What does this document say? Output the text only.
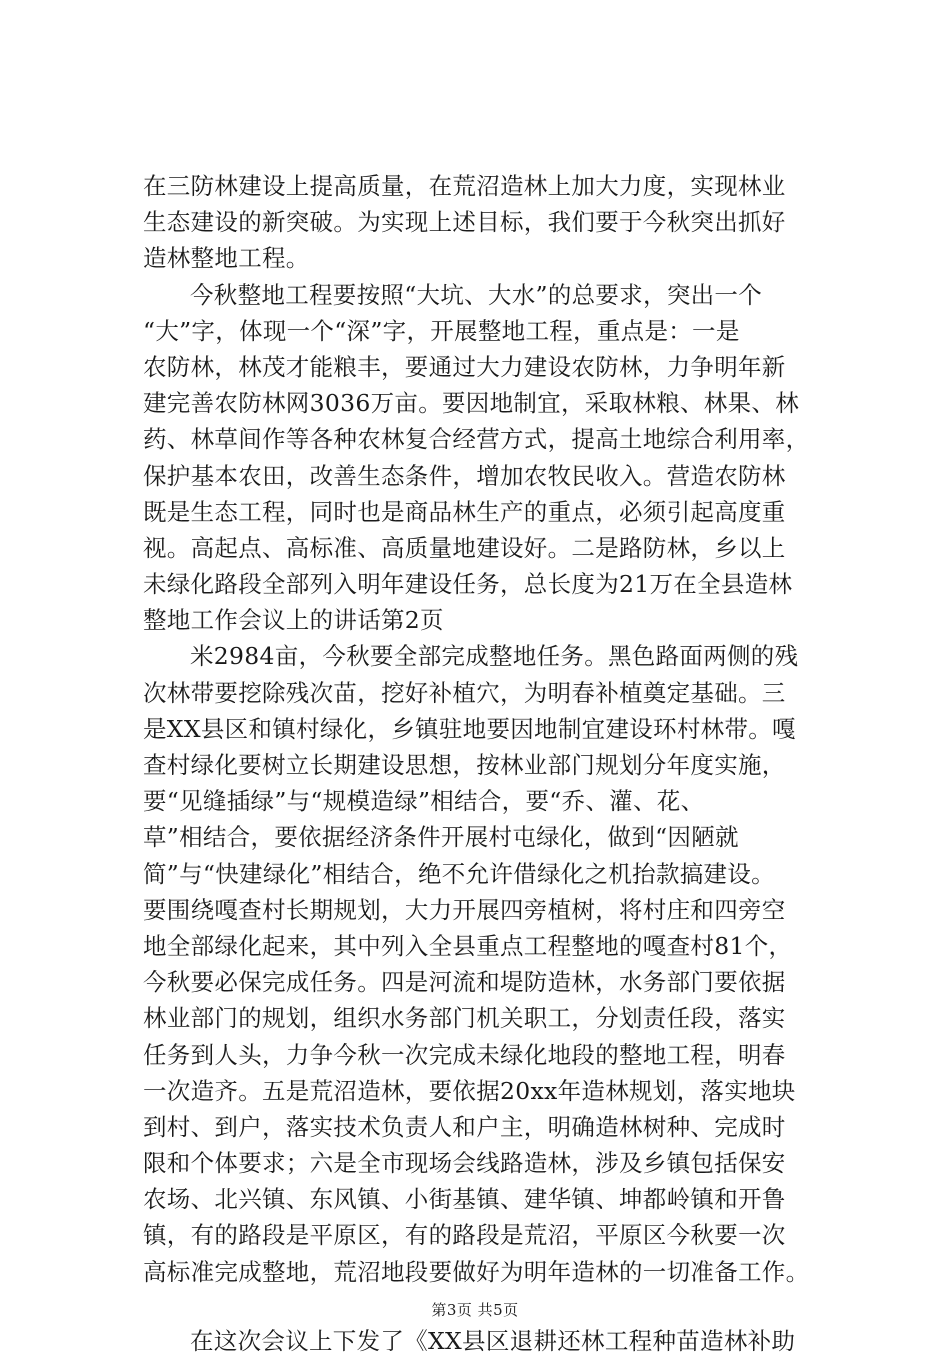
在三防林建设上提高质量，在荒沼造林上加大力度，实现林业
生态建设的新突破。为实现上述目标，我们要于今秋突出抓好
造林整地工程。
今秋整地工程要按照“大坑、大水”的总要求，突出一个
“大”字，体现一个“深”字，开展整地工程，重点是：一是
农防林，林茂才能粮丰，要通过大力建设农防林，力争明年新
建完善农防林网3036万亩。要因地制宜，采取林粮、林果、林
药、林草间作等各种农林复合经营方式，提高土地综合利用率，
保护基本农田，改善生态条件，增加农牧民收入。营造农防林
既是生态工程，同时也是商品林生产的重点，必须引起高度重
视。高起点、高标准、高质量地建设好。二是路防林，乡以上
未绿化路段全部列入明年建设任务，总长度为21万在全县造林
整地工作会议上的讲话第2页
米2984亩，今秋要全部完成整地任务。黑色路面两侧的残
次林带要挖除残次苗，挖好补植穴，为明春补植奠定基础。三
是XX县区和镇村绿化，乡镇驻地要因地制宜建设环村林带。嘎
查村绿化要树立长期建设思想，按林业部门规划分年度实施，
要“见缝插绿”与“规模造绿”相结合，要“乔、灌、花、
草”相结合，要依据经济条件开展村屯绿化，做到“因陋就
简”与“快建绿化”相结合，绝不允许借绿化之机抬款搞建设。
要围绕嘎查村长期规划，大力开展四旁植树，将村庄和四旁空
地全部绿化起来，其中列入全县重点工程整地的嘎查村81个，
今秋要必保完成任务。四是河流和堤防造林，水务部门要依据
林业部门的规划，组织水务部门机关职工，分划责任段，落实
任务到人头，力争今秋一次完成未绿化地段的整地工程，明春
一次造齐。五是荒沼造林，要依据20xx年造林规划，落实地块
到村、到户，落实技术负责人和户主，明确造林树种、完成时
限和个体要求；六是全市现场会线路造林，涉及乡镇包括保安
农场、北兴镇、东风镇、小街基镇、建华镇、坤都岭镇和开鲁
镇，有的路段是平原区，有的路段是荒沼，平原区今秋要一次
高标准完成整地，荒沼地段要做好为明年造林的一切准备工作。
在这次会议上下发了《XX县区退耕还林工程种苗造林补助
第3页 共5页
